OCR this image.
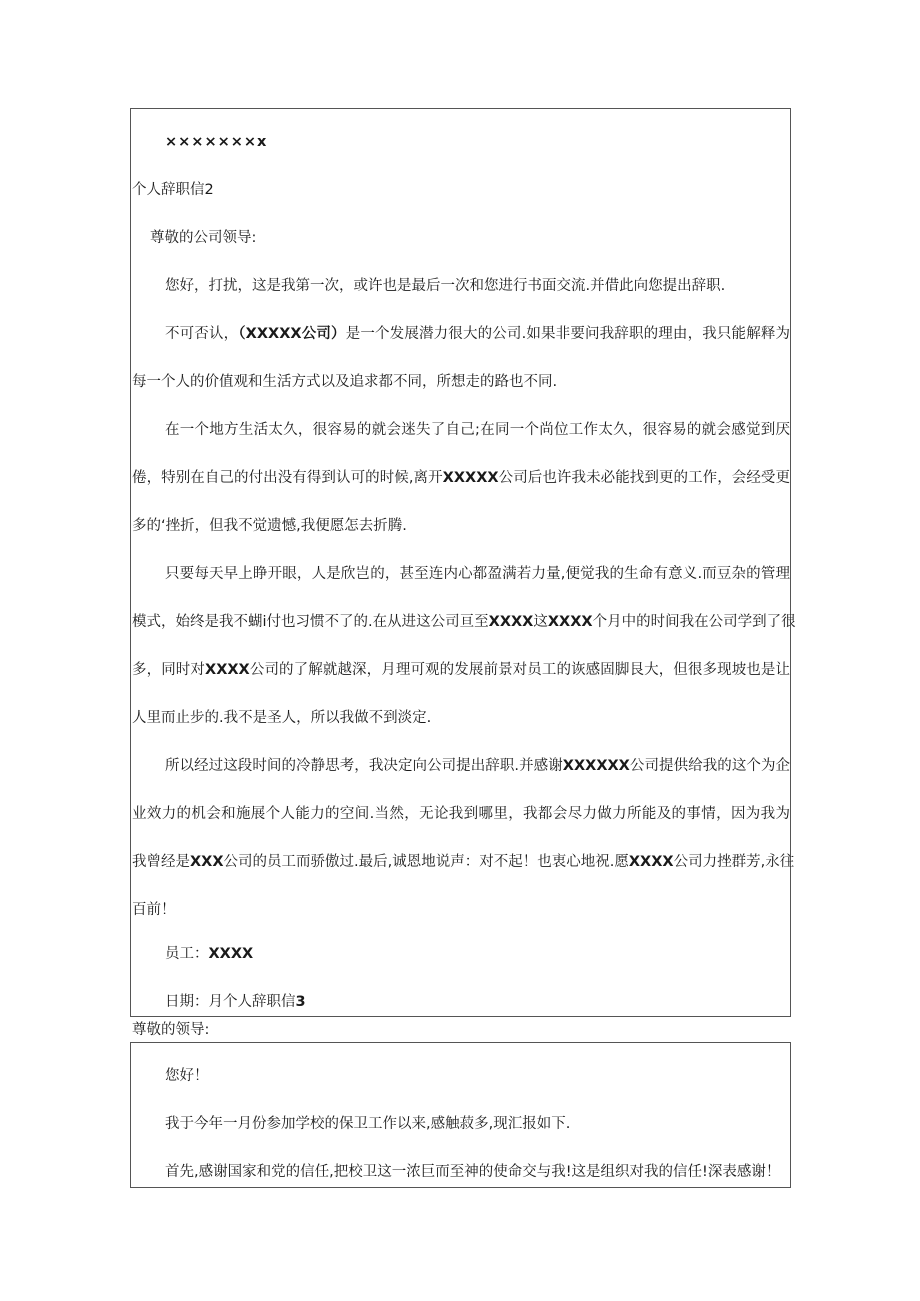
×××××××x
个人辞职信2
尊敬的公司领导:
您好，打扰，这是我第一次，或许也是最后一次和您进行书面交流.并借此向您提出辞职.
不可否认，（XXXXX公司）是一个发展潜力很大的公司.如果非要问我辞职的理由，我只能解释为
每一个人的价值观和生活方式以及追求都不同，所想走的路也不同.
在一个地方生活太久，很容易的就会迷失了自己;在同一个尚位工作太久，很容易的就会感觉到厌
倦，特别在自己的付出没有得到认可的时候,离开XXXXX公司后也许我未必能找到更的工作，会经受更
多的‘挫折，但我不觉遗憾,我便愿怎去折腾.
只要每天早上睁开眼，人是欣岂的，甚至连内心都盈满若力量,便觉我的生命有意义.而豆杂的管理
模式，始终是我不蝴i付也习惯不了的.在从进这公司亘至XXXX这XXXX个月中的时间我在公司学到了很
多，同时对XXXX公司的了解就越深，月理可观的发展前景对员工的诙感固脚艮大，但很多现坡也是让
人里而止步的.我不是圣人，所以我做不到淡定.
所以经过这段时间的冷静思考，我决定向公司提出辞职.并感谢XXXXXX公司提供给我的这个为企
业效力的机会和施展个人能力的空间.当然，无论我到哪里，我都会尽力做力所能及的事情，因为我为
我曾经是XXX公司的员工而骄傲过.最后,诚恩地说声：对不起！也衷心地祝.愿XXXX公司力挫群芳,永往
百前！
员工：XXXX
日期：月个人辞职信3
尊敬的领导:
您好！
我于今年一月份参加学校的保卫工作以来,感触菽多,现汇报如下.
首先,感谢国家和党的信任,把校卫这一浓巨而至神的使命交与我!这是组织对我的信任!深表感谢！
